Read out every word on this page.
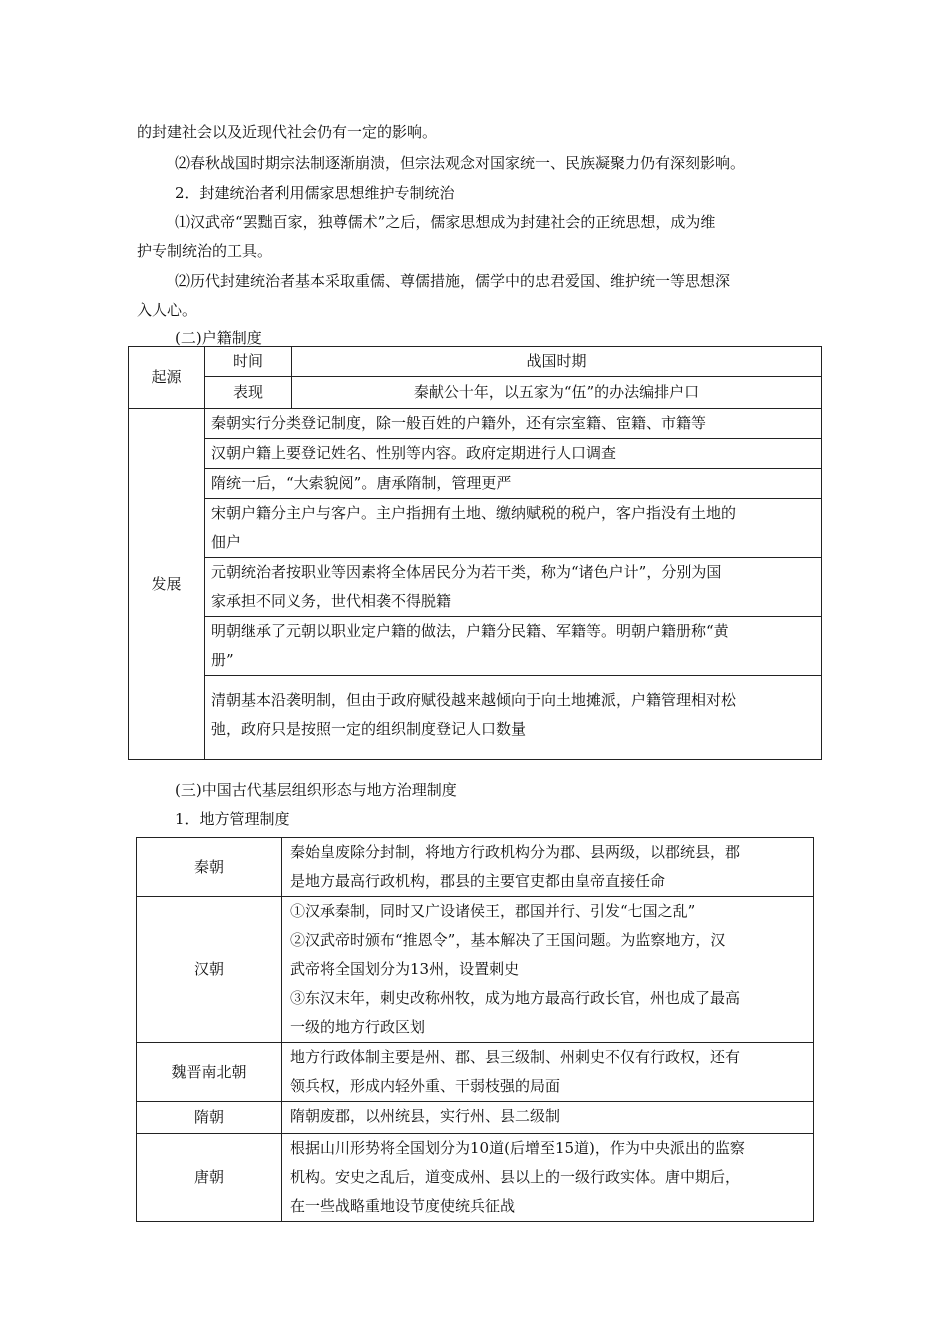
的封建社会以及近现代社会仍有一定的影响。
⑵春秋战国时期宗法制逐渐崩溃，但宗法观念对国家统一、民族凝聚力仍有深刻影响。
2．封建统治者利用儒家思想维护专制统治
⑴汉武帝“罢黜百家，独尊儒术”之后，儒家思想成为封建社会的正统思想，成为维
护专制统治的工具。
⑵历代封建统治者基本采取重儒、尊儒措施，儒学中的忠君爱国、维护统一等思想深
入人心。
(二)户籍制度
起源	时间	战国时期
	表现	秦献公十年，以五家为“伍”的办法编排户口
发展	秦朝实行分类登记制度，除一般百姓的户籍外，还有宗室籍、宦籍、市籍等	

	汉朝户籍上要登记姓名、性别等内容。政府定期进行人口调查	

	隋统一后，“大索貌阅”。唐承隋制，管理更严	

	宋朝户籍分主户与客户。主户指拥有土地、缴纳赋税的税户，客户指没有土地的
佃户	

	元朝统治者按职业等因素将全体居民分为若干类，称为“诸色户计”，分别为国
家承担不同义务，世代相袭不得脱籍	

	明朝继承了元朝以职业定户籍的做法，户籍分民籍、军籍等。明朝户籍册称“黄
册”	

	清朝基本沿袭明制，但由于政府赋役越来越倾向于向土地摊派，户籍管理相对松
弛，政府只是按照一定的组织制度登记人口数量	
(三)中国古代基层组织形态与地方治理制度
1．地方管理制度
秦朝	秦始皇废除分封制，将地方行政机构分为郡、县两级，以郡统县，郡
是地方最高行政机构，郡县的主要官吏都由皇帝直接任命

汉朝	①汉承秦制，同时又广设诸侯王，郡国并行、引发“七国之乱”
②汉武帝时颁布“推恩令”，基本解决了王国问题。为监察地方，汉
武帝将全国划分为13州，设置刺史
③东汉末年，刺史改称州牧，成为地方最高行政长官，州也成了最高
一级的地方行政区划

魏晋南北朝	地方行政体制主要是州、郡、县三级制、州刺史不仅有行政权，还有
领兵权，形成内轻外重、干弱枝强的局面

隋朝	隋朝废郡，以州统县，实行州、县二级制

唐朝	根据山川形势将全国划分为10道(后增至15道)，作为中央派出的监察
机构。安史之乱后，道变成州、县以上的一级行政实体。唐中期后，
在一些战略重地设节度使统兵征战
